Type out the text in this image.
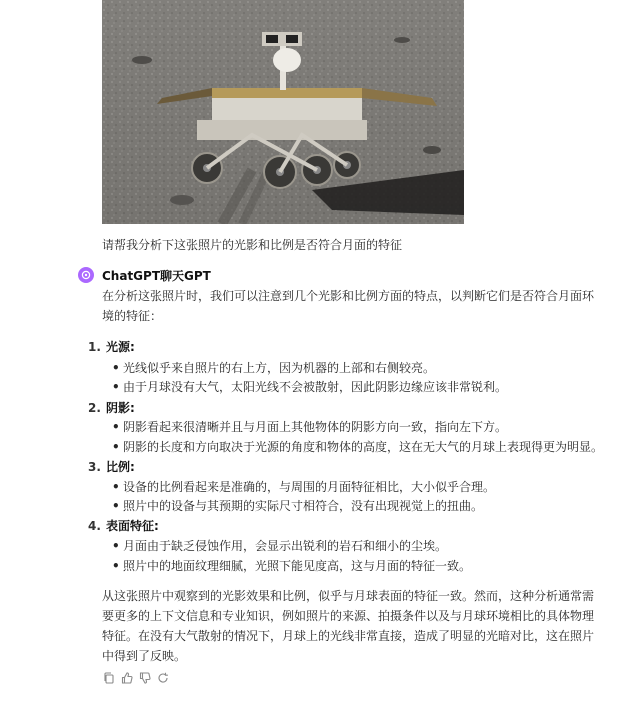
请帮我分析下这张照片的光影和比例是否符合月面的特征
ChatGPT聊天GPT
在分析这张照片时，我们可以注意到几个光影和比例方面的特点，以判断它们是否符合月面环境的特征：
1. 光源:
• 光线似乎来自照片的右上方，因为机器的上部和右侧较亮。
• 由于月球没有大气，太阳光线不会被散射，因此阴影边缘应该非常锐利。
2. 阴影:
• 阴影看起来很清晰并且与月面上其他物体的阴影方向一致，指向左下方。
• 阴影的长度和方向取决于光源的角度和物体的高度，这在无大气的月球上表现得更为明显。
3. 比例:
• 设备的比例看起来是准确的，与周围的月面特征相比，大小似乎合理。
• 照片中的设备与其预期的实际尺寸相符合，没有出现视觉上的扭曲。
4. 表面特征:
• 月面由于缺乏侵蚀作用，会显示出锐利的岩石和细小的尘埃。
• 照片中的地面纹理细腻，光照下能见度高，这与月面的特征一致。
从这张照片中观察到的光影效果和比例，似乎与月球表面的特征一致。然而，这种分析通常需要更多的上下文信息和专业知识，例如照片的来源、拍摄条件以及与月球环境相比的具体物理特征。在没有大气散射的情况下，月球上的光线非常直接，造成了明显的光暗对比，这在照片中得到了反映。
